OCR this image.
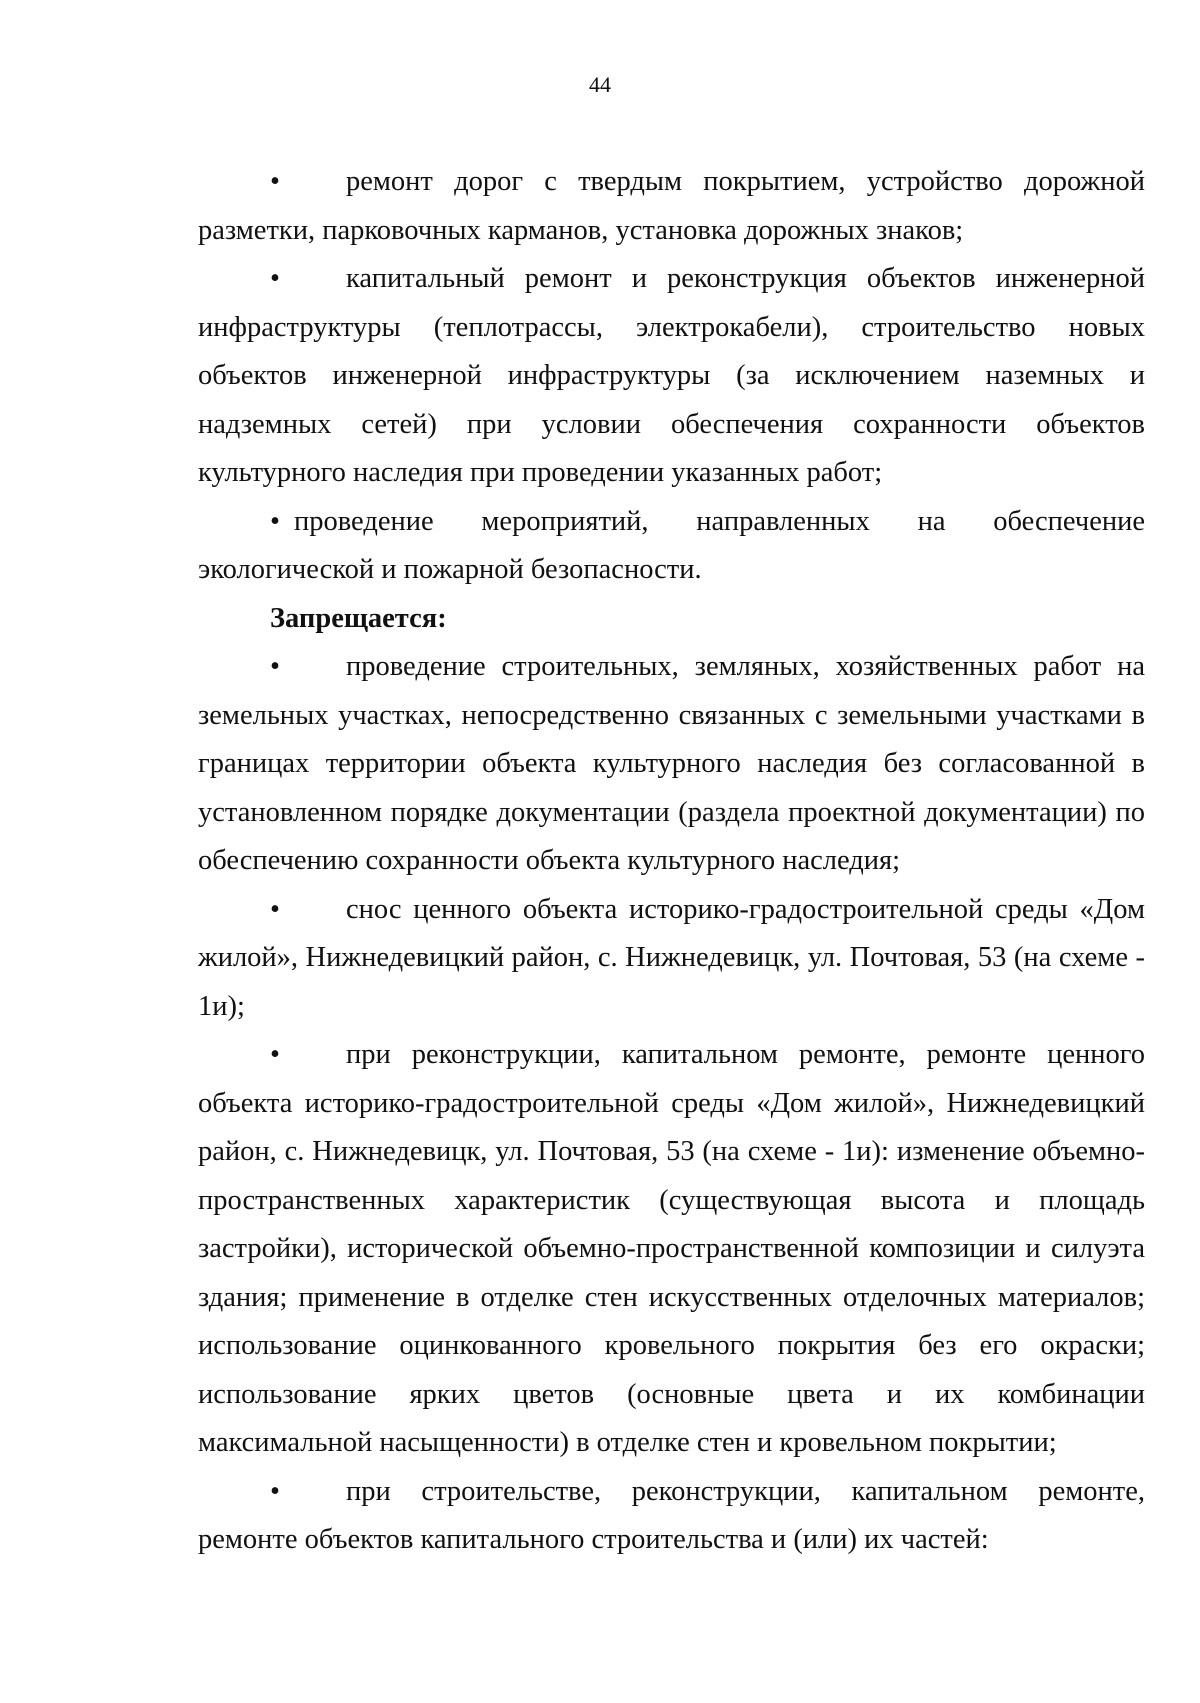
44

• ремонт дорог с твердым покрытием, устройство дорожной разметки, парковочных карманов, установка дорожных знаков;

• капитальный ремонт и реконструкция объектов инженерной инфраструктуры (теплотрассы, электрокабели), строительство новых объектов инженерной инфраструктуры (за исключением наземных и надземных сетей) при условии обеспечения сохранности объектов культурного наследия при проведении указанных работ;

• проведение мероприятий, направленных на обеспечение экологической и пожарной безопасности.

Запрещается:

• проведение строительных, земляных, хозяйственных работ на земельных участках, непосредственно связанных с земельными участками в границах территории объекта культурного наследия без согласованной в установленном порядке документации (раздела проектной документации) по обеспечению сохранности объекта культурного наследия;

• снос ценного объекта историко-градостроительной среды «Дом жилой», Нижнедевицкий район, с. Нижнедевицк, ул. Почтовая, 53 (на схеме - 1и);

• при реконструкции, капитальном ремонте, ремонте ценного объекта историко-градостроительной среды «Дом жилой», Нижнедевицкий район, с. Нижнедевицк, ул. Почтовая, 53 (на схеме - 1и): изменение объемно-пространственных характеристик (существующая высота и площадь застройки), исторической объемно-пространственной композиции и силуэта здания; применение в отделке стен искусственных отделочных материалов; использование оцинкованного кровельного покрытия без его окраски; использование ярких цветов (основные цвета и их комбинации максимальной насыщенности) в отделке стен и кровельном покрытии;

• при строительстве, реконструкции, капитальном ремонте, ремонте объектов капитального строительства и (или) их частей:
